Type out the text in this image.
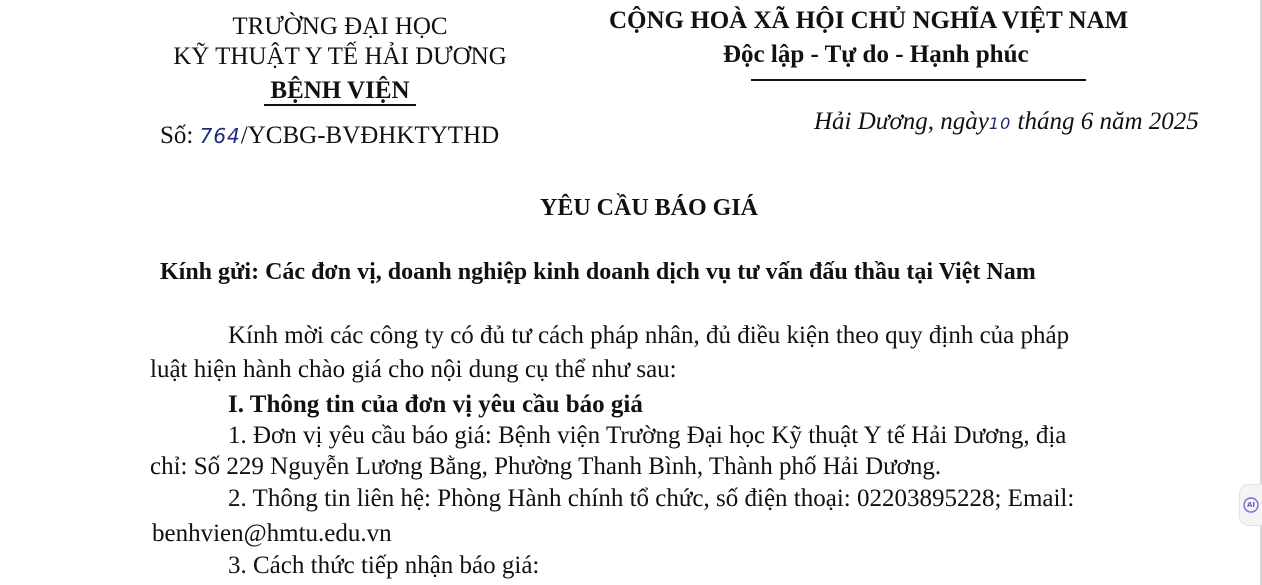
TRƯỜNG ĐẠI HỌC
KỸ THUẬT Y TẾ HẢI DƯƠNG
BỆNH VIỆN
Số: 764/YCBG-BVĐHKTYTHD
CỘNG HOÀ XÃ HỘI CHỦ NGHĨA VIỆT NAM
Độc lập - Tự do - Hạnh phúc
Hải Dương, ngày10 tháng 6 năm 2025
YÊU CẦU BÁO GIÁ
Kính gửi: Các đơn vị, doanh nghiệp kinh doanh dịch vụ tư vấn đấu thầu tại Việt Nam
Kính mời các công ty có đủ tư cách pháp nhân, đủ điều kiện theo quy định của pháp
luật hiện hành chào giá cho nội dung cụ thể như sau:
I. Thông tin của đơn vị yêu cầu báo giá
1. Đơn vị yêu cầu báo giá: Bệnh viện Trường Đại học Kỹ thuật Y tế Hải Dương, địa
chỉ: Số 229 Nguyễn Lương Bằng, Phường Thanh Bình, Thành phố Hải Dương.
2. Thông tin liên hệ: Phòng Hành chính tổ chức, số điện thoại: 02203895228; Email:
benhvien@hmtu.edu.vn
3. Cách thức tiếp nhận báo giá:
AI
